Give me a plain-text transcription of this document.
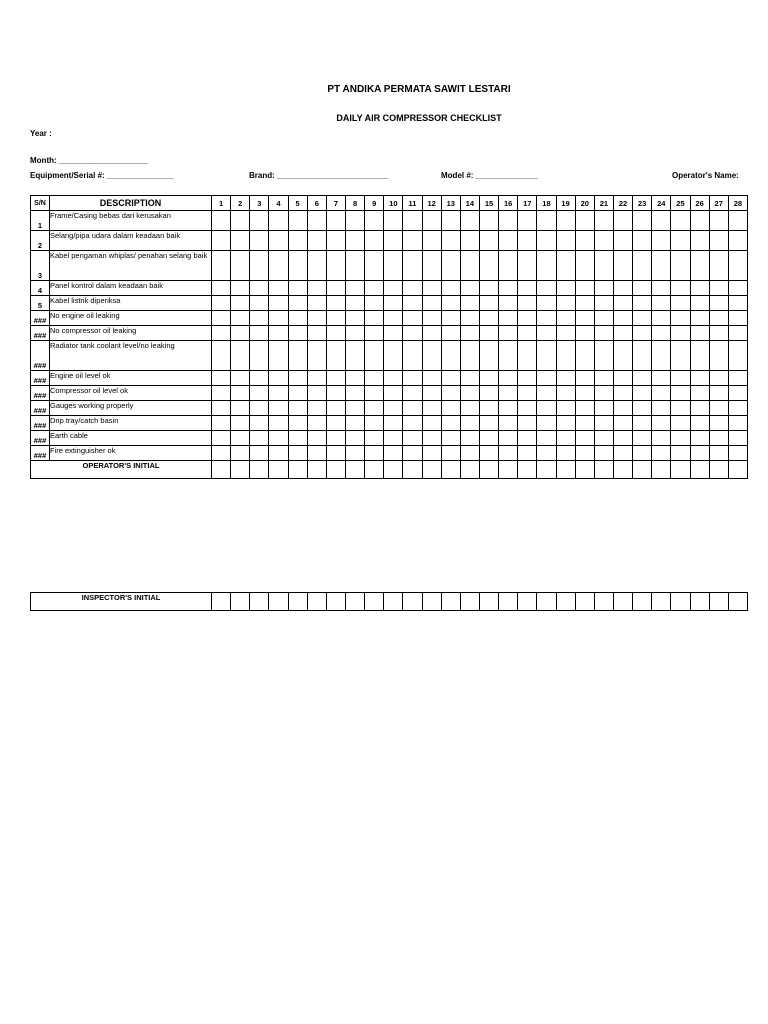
PT ANDIKA PERMATA SAWIT LESTARI
DAILY AIR COMPRESSOR CHECKLIST
Year :
Month: ____________________
Equipment/Serial #: _______________	Brand: _________________________	Model #: ______________	Operator's Name:
S/N	DESCRIPTION	1	2	3	4	5	6	7	8	9	10	11	12	13	14	15	16	17	18	19	20	21	22	23	24	25	26	27	28
1	Frame/Casing bebas dari kerusakan																												
2	Selang/pipa udara dalam keadaan baik																												
3	Kabel pengaman whiplas/ penahan selang baik																												
4	Panel kontrol dalam keadaan baik																												
5	Kabel listrik diperiksa																												
###	No engine oil leaking																												
###	No compressor oil leaking																												
###	Radiator tank coolant level/no leaking																												
###	Engine oil level ok																												
###	Compressor oil level ok																												
###	Gauges working properly																												
###	Drip tray/catch basin																												
###	Earth cable																												
###	Fire extinguisher ok																												
OPERATOR'S INITIAL																													
INSPECTOR'S INITIAL																												
